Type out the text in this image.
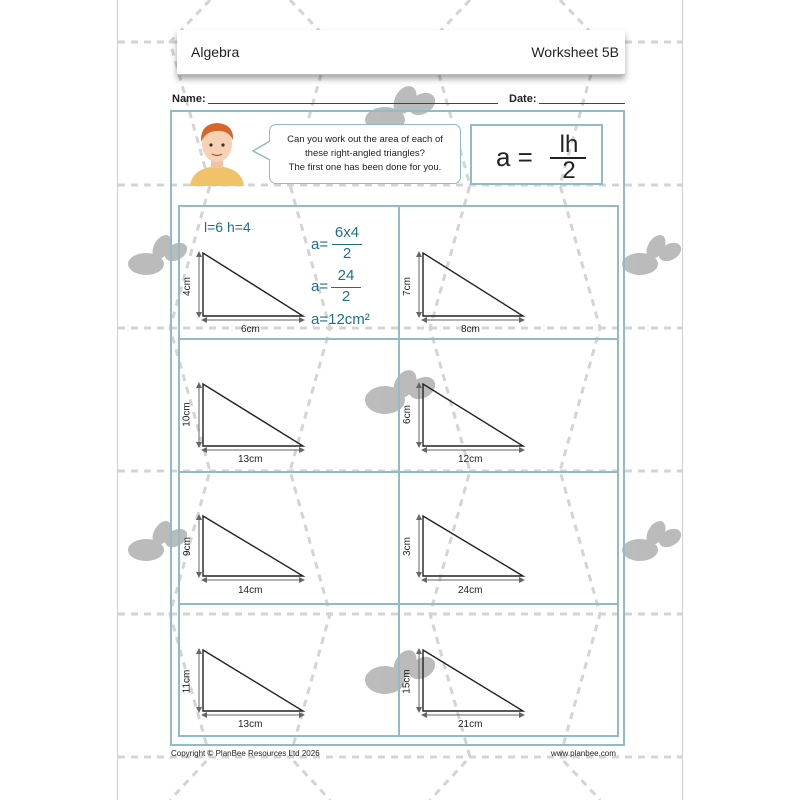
Algebra	Worksheet 5B
Name:	Date:
Can you work out the area of each of
these right-angled triangles?
The first one has been done for you.	a =	lh
2
4cm
6cm
7cm
8cm
10cm
13cm
6cm
12cm
9cm
14cm
3cm
24cm
11cm
13cm
15cm
21cm
l=6 h=4
a=
6x4
2
a=
24
2
a=12cm²
Copyright © PlanBee Resources Ltd 2026	www.planbee.com
